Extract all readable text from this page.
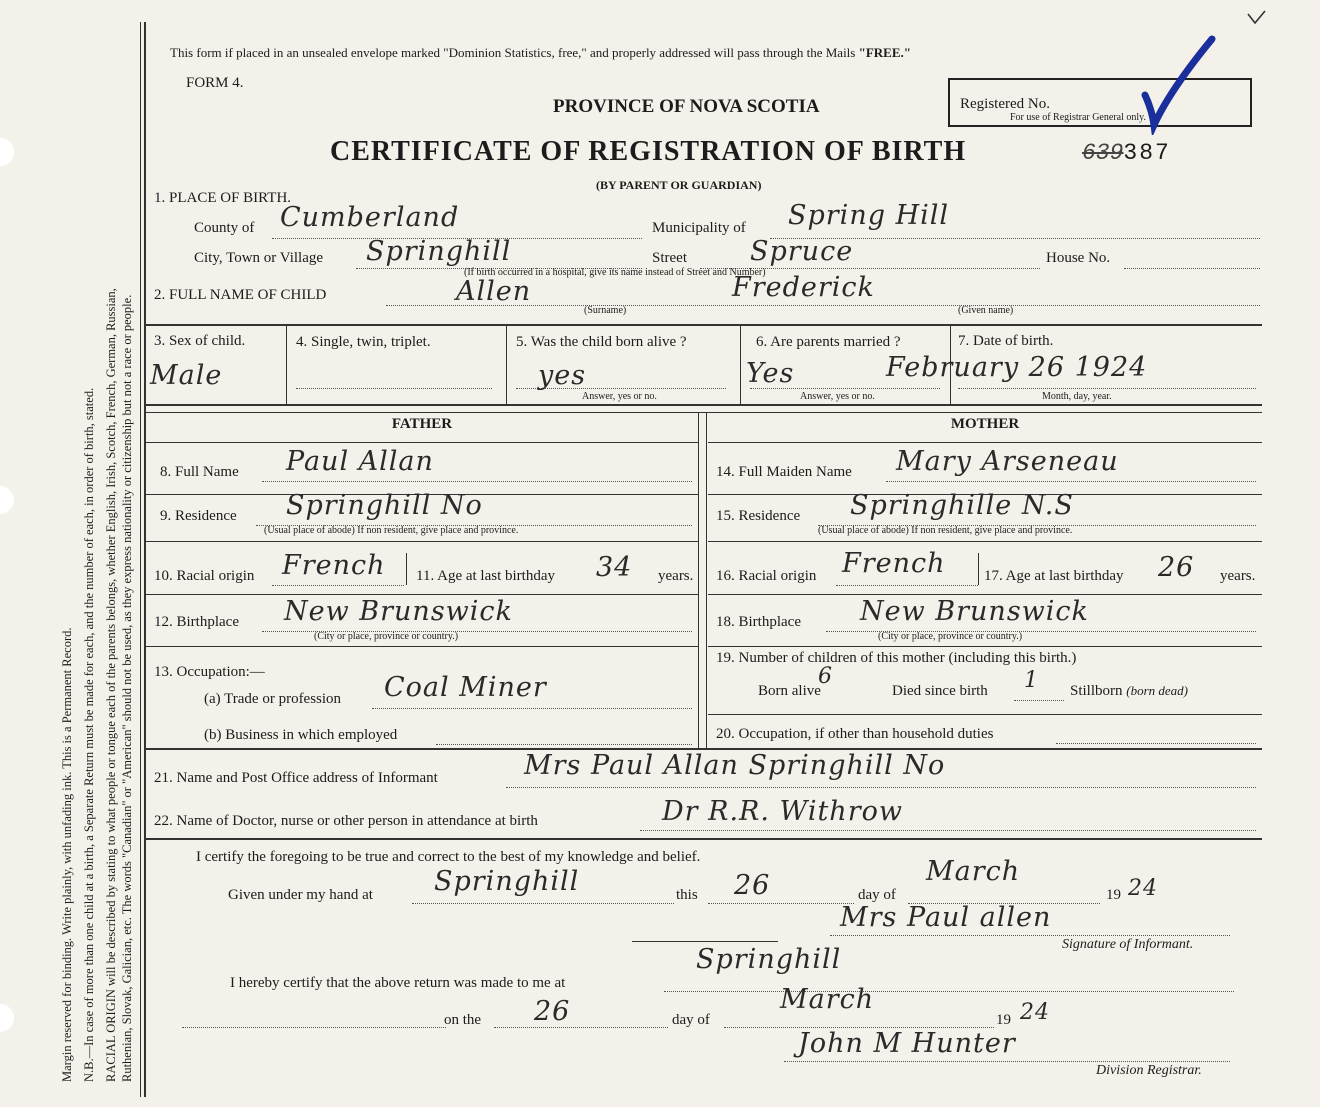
Margin reserved for binding. Write plainly, with unfading ink. This is a Permanent Record. N.B.—In case of more than one child at a birth, a Separate Return must be made for each, and the number of each, in order of birth, stated. RACIAL ORIGIN will be described by stating to what people or tongue each of the parents belongs, whether English, Irish, Scotch, French, German, Russian, Ruthenian, Slovak, Galician, etc. The words "Canadian" or "American" should not be used, as they express nationality or citizenship but not a race or people.
This form if placed in an unsealed envelope marked "Dominion Statistics, free," and properly addressed will pass through the Mails "FREE."
FORM 4.
PROVINCE OF NOVA SCOTIA	Registered No.
For use of Registrar General only.
CERTIFICATE OF REGISTRATION OF BIRTH	639387
(BY PARENT OR GUARDIAN)
1. PLACE OF BIRTH.
County of Cumberland	Municipality of Spring Hill
City, Town or Village Springhill	Street Spruce	House No.
(If birth occurred in a hospital, give its name instead of Street and Number)
2. FULL NAME OF CHILD	Allen	Frederick
(Surname)	(Given name)
3. Sex of child.
Male
4. Single, twin, triplet.	5. Was the child born alive ?
yes
Answer, yes or no.
6. Are parents married ?
Yes
Answer, yes or no.
7. Date of birth.
February 26 1924
Month, day, year.
FATHER	MOTHER
8. Full Name Paul Allan
9. Residence Springhill No
(Usual place of abode) If non resident, give place and province.
10. Racial origin French 11. Age at last birthday 34 years.
12. Birthplace New Brunswick
(City or place, province or country.)
13. Occupation:—
(a) Trade or profession Coal Miner
(b) Business in which employed
14. Full Maiden Name Mary Arseneau
15. Residence Springhille N.S
(Usual place of abode) If non resident, give place and province.
16. Racial origin French	17. Age at last birthday 26 years.
18. Birthplace New Brunswick
(City or place, province or country.)
19. Number of children of this mother (including this birth.)
Born alive
6
Died since birth 1 Stillborn (born dead)
20. Occupation, if other than household duties
21. Name and Post Office address of Informant	Mrs Paul Allan Springhill No
22. Name of Doctor, nurse or other person in attendance at birth	Dr R.R. Withrow
I certify the foregoing to be true and correct to the best of my knowledge and belief.
Given under my hand at Springhill	this 26	day of
March
19 24
Mrs Paul allen
Signature of Informant.
I hereby certify that the above return was made to me at
Springhill
on the 26	day of
March
19 24
John M Hunter
Division Registrar.
